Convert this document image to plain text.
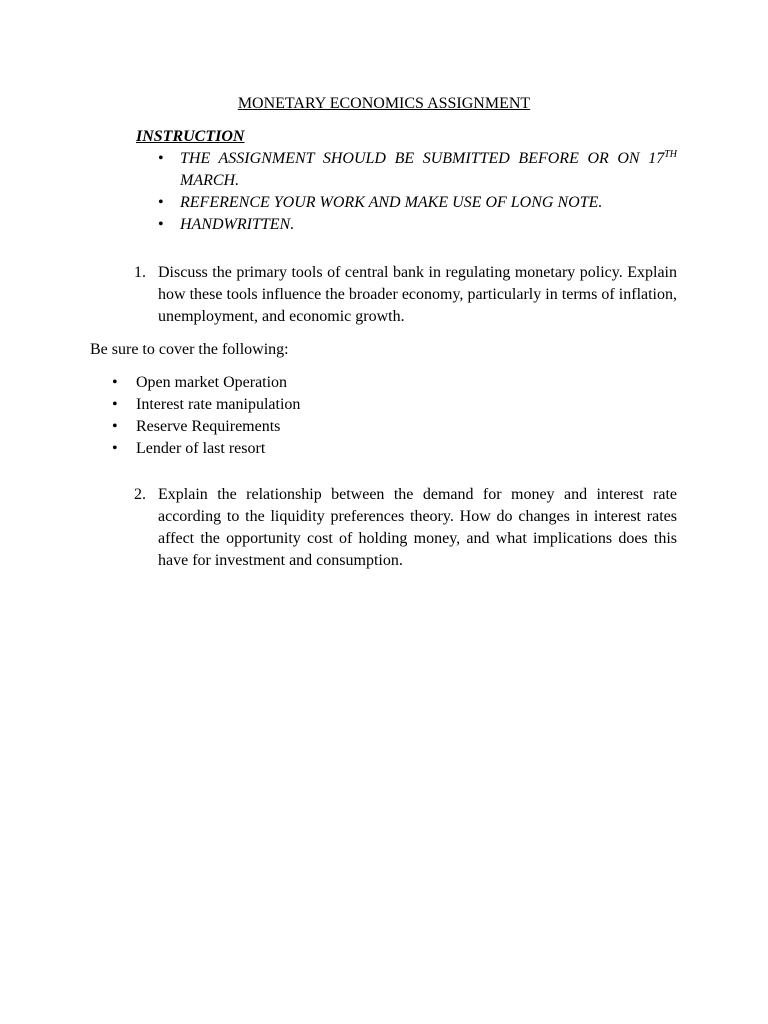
MONETARY ECONOMICS ASSIGNMENT
INSTRUCTION
• THE ASSIGNMENT SHOULD BE SUBMITTED BEFORE OR ON 17TH MARCH.
• REFERENCE YOUR WORK AND MAKE USE OF LONG NOTE.
• HANDWRITTEN.
1. Discuss the primary tools of central bank in regulating monetary policy. Explain how these tools influence the broader economy, particularly in terms of inflation, unemployment, and economic growth.
Be sure to cover the following:
• Open market Operation
• Interest rate manipulation
• Reserve Requirements
• Lender of last resort
2. Explain the relationship between the demand for money and interest rate according to the liquidity preferences theory. How do changes in interest rates affect the opportunity cost of holding money, and what implications does this have for investment and consumption.
